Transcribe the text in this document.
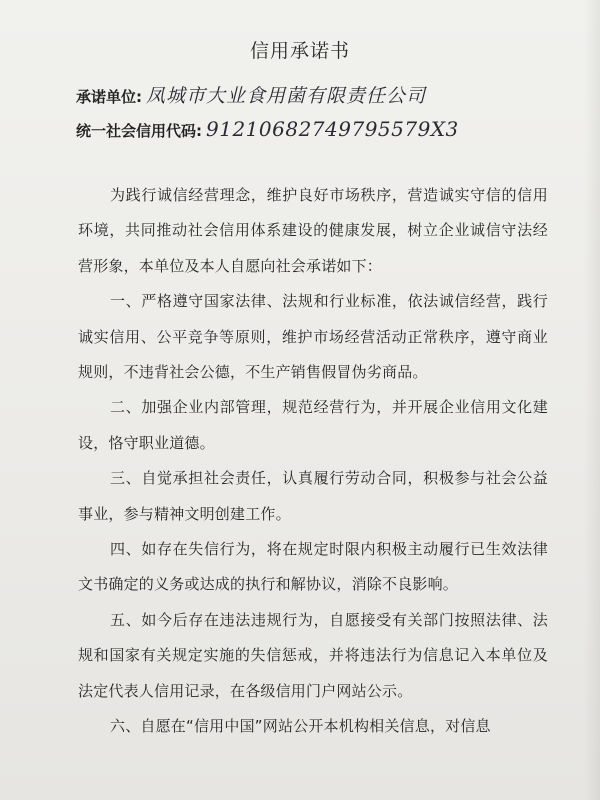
信用承诺书
承诺单位: 凤城市大业食用菌有限责任公司
统一社会信用代码: 91210682749795579X3

为践行诚信经营理念，维护良好市场秩序，营造诚实守信的信用环境，共同推动社会信用体系建设的健康发展，树立企业诚信守法经营形象，本单位及本人自愿向社会承诺如下：

一、严格遵守国家法律、法规和行业标准，依法诚信经营，践行诚实信用、公平竞争等原则，维护市场经营活动正常秩序，遵守商业规则，不违背社会公德，不生产销售假冒伪劣商品。

二、加强企业内部管理，规范经营行为，并开展企业信用文化建设，恪守职业道德。

三、自觉承担社会责任，认真履行劳动合同，积极参与社会公益事业，参与精神文明创建工作。

四、如存在失信行为，将在规定时限内积极主动履行已生效法律文书确定的义务或达成的执行和解协议，消除不良影响。

五、如今后存在违法违规行为，自愿接受有关部门按照法律、法规和国家有关规定实施的失信惩戒，并将违法行为信息记入本单位及法定代表人信用记录，在各级信用门户网站公示。

六、自愿在“信用中国”网站公开本机构相关信息，对信息
